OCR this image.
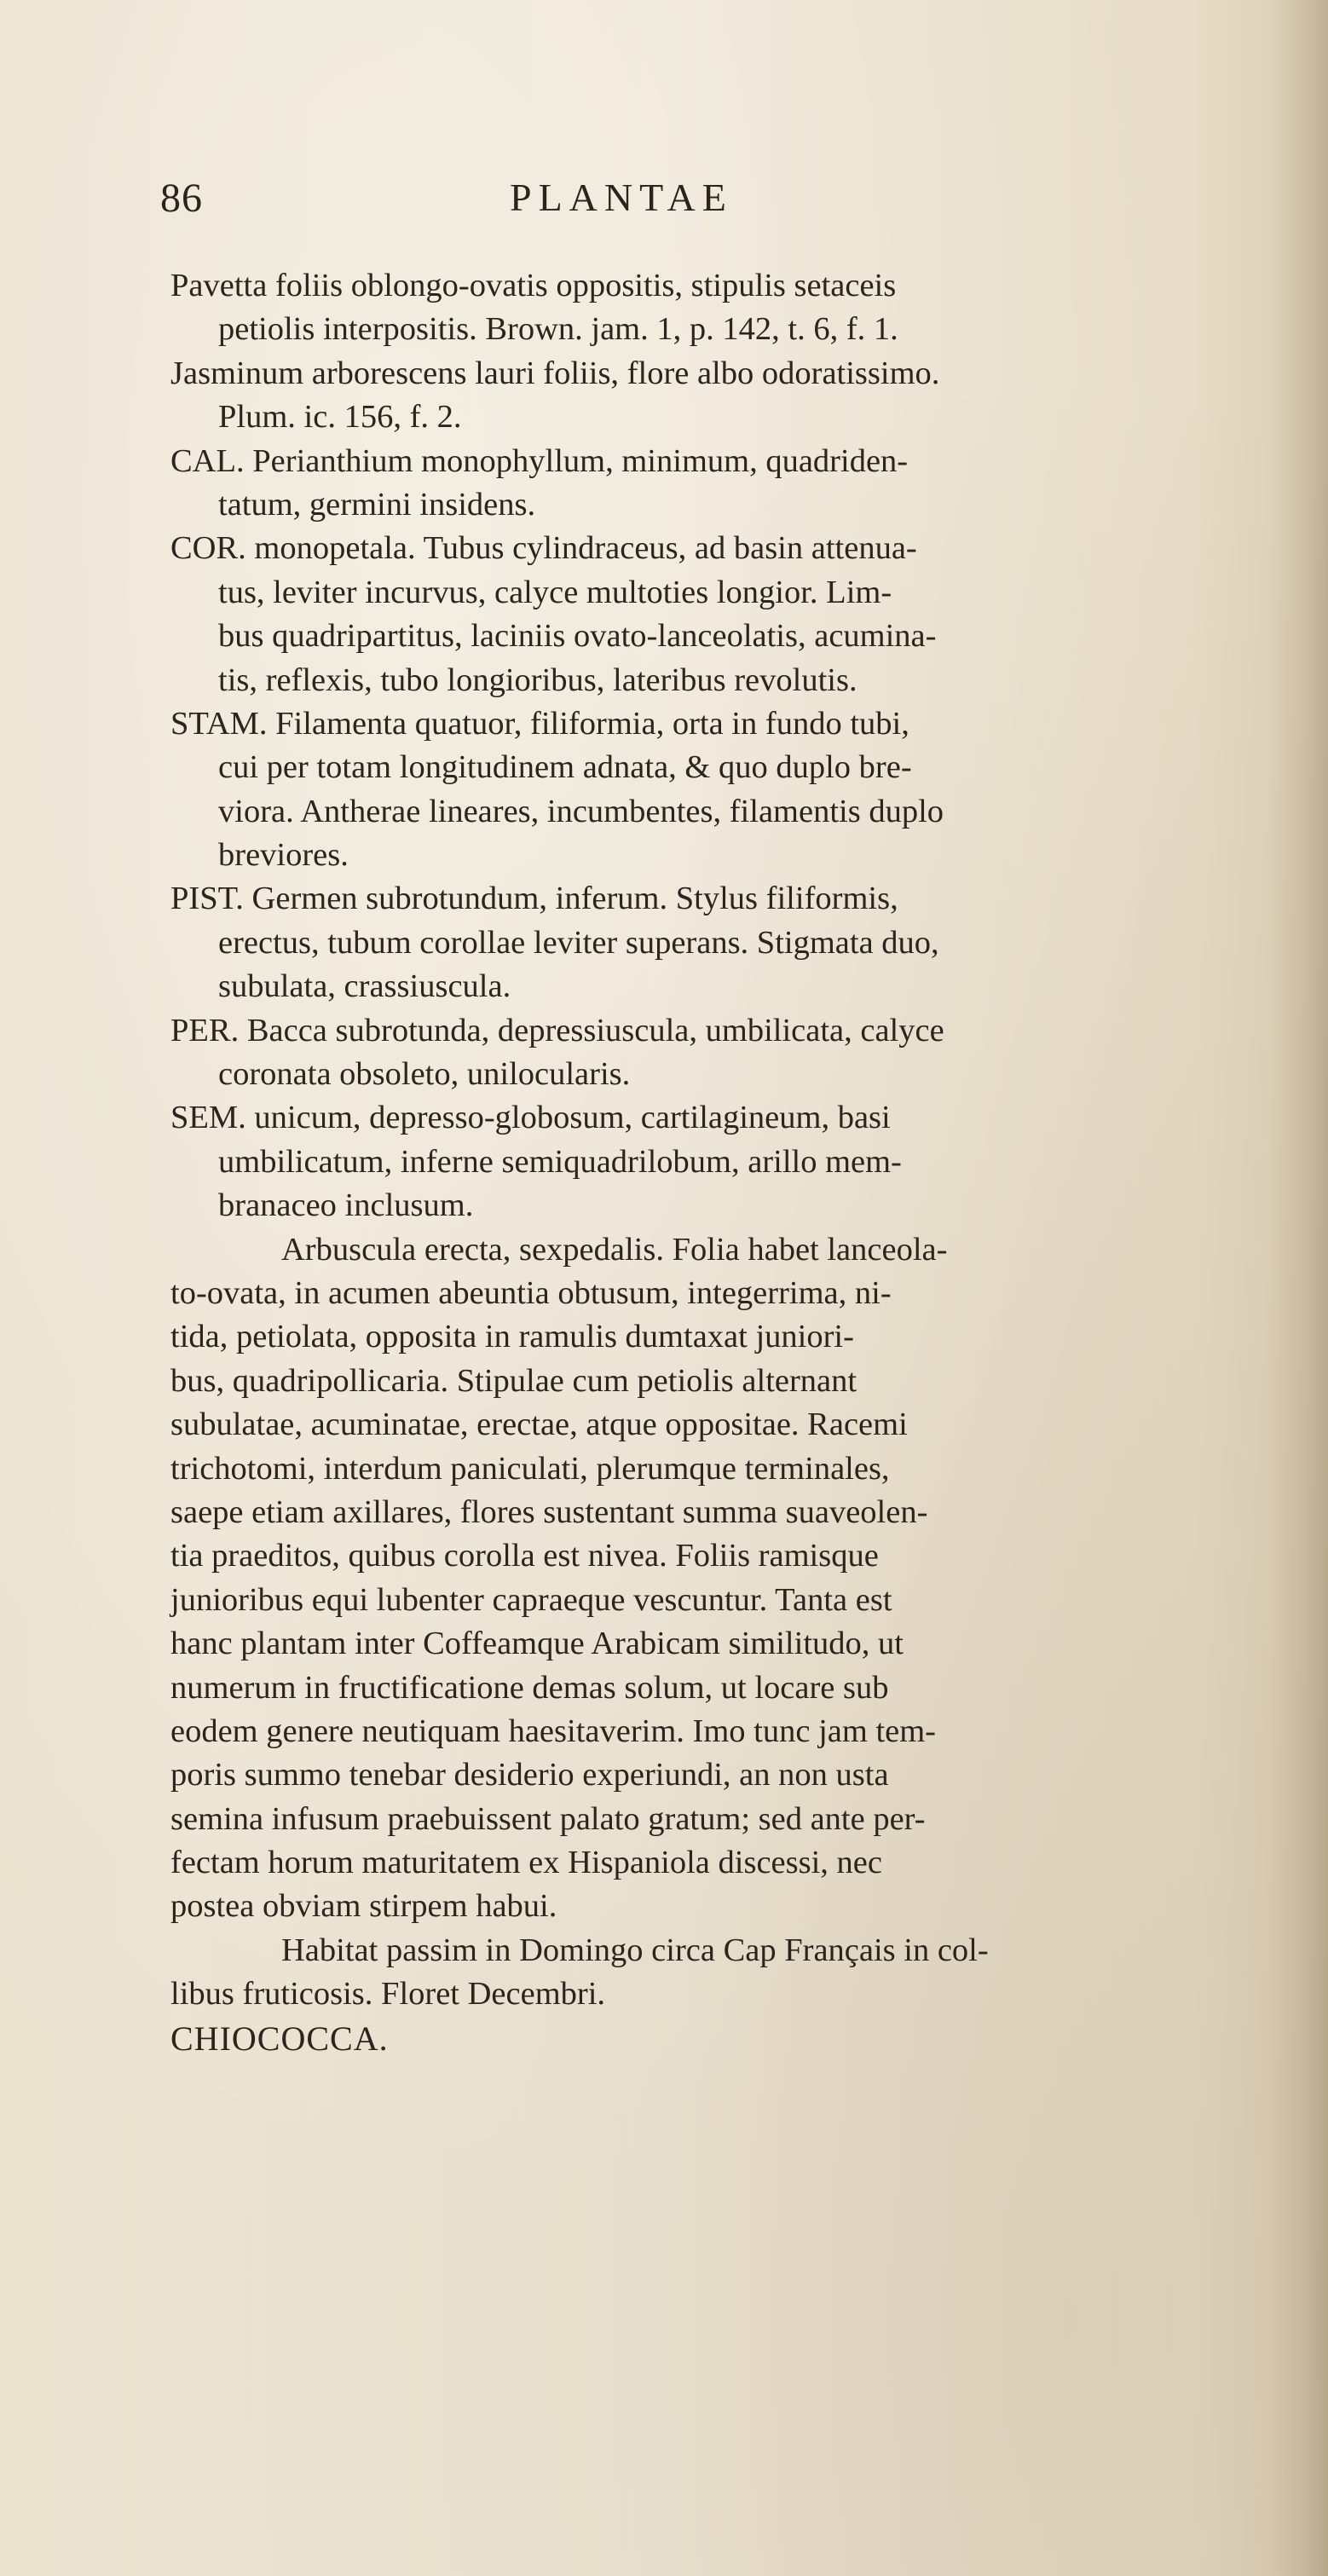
86	PLANTAE
Pavetta foliis oblongo-ovatis oppositis, stipulis setaceis
petiolis interpositis. Brown. jam. 1, p. 142, t. 6, f. 1.
Jasminum arborescens lauri foliis, flore albo odoratissimo.
Plum. ic. 156, f. 2.
CAL. Perianthium monophyllum, minimum, quadriden-
tatum, germini insidens.
COR. monopetala. Tubus cylindraceus, ad basin attenua-
tus, leviter incurvus, calyce multoties longior. Lim-
bus quadripartitus, laciniis ovato-lanceolatis, acumina-
tis, reflexis, tubo longioribus, lateribus revolutis.
STAM. Filamenta quatuor, filiformia, orta in fundo tubi,
cui per totam longitudinem adnata, & quo duplo bre-
viora. Antherae lineares, incumbentes, filamentis duplo
breviores.
PIST. Germen subrotundum, inferum. Stylus filiformis,
erectus, tubum corollae leviter superans. Stigmata duo,
subulata, crassiuscula.
PER. Bacca subrotunda, depressiuscula, umbilicata, calyce
coronata obsoleto, unilocularis.
SEM. unicum, depresso-globosum, cartilagineum, basi
umbilicatum, inferne semiquadrilobum, arillo mem-
branaceo inclusum.
Arbuscula erecta, sexpedalis. Folia habet lanceola-
to-ovata, in acumen abeuntia obtusum, integerrima, ni-
tida, petiolata, opposita in ramulis dumtaxat juniori-
bus, quadripollicaria. Stipulae cum petiolis alternant
subulatae, acuminatae, erectae, atque oppositae. Racemi
trichotomi, interdum paniculati, plerumque terminales,
saepe etiam axillares, flores sustentant summa suaveolen-
tia praeditos, quibus corolla est nivea. Foliis ramisque
junioribus equi lubenter capraeque vescuntur. Tanta est
hanc plantam inter Coffeamque Arabicam similitudo, ut
numerum in fructificatione demas solum, ut locare sub
eodem genere neutiquam haesitaverim. Imo tunc jam tem-
poris summo tenebar desiderio experiundi, an non usta
semina infusum praebuissent palato gratum; sed ante per-
fectam horum maturitatem ex Hispaniola discessi, nec
postea obviam stirpem habui.
Habitat passim in Domingo circa Cap Français in col-
libus fruticosis. Floret Decembri.
CHIOCOCCA.
